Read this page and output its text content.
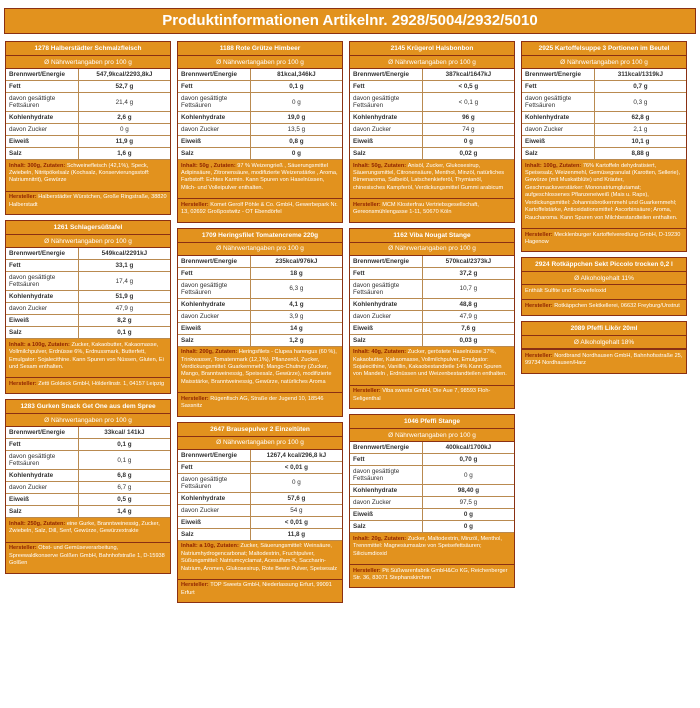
Produktinformationen Artikelnr. 2928/5004/2932/5010
1278 Halberstädter Schmalzfleisch
Ø Nährwertangaben pro 100 g
Brennwert/Energie	547,9kcal/2293,8kJ
Fett	52,7 g
davon gesättigte Fettsäuren	21,4 g
Kohlenhydrate	2,6 g
davon Zucker	0 g
Eiweiß	11,9 g
Salz	1,6 g
Inhalt: 300g, Zutaten: Schweinefleisch (42,1%), Speck, Zwiebeln, Nitritpökelsalz (Kochsalz, Konservierungsstoff: Natriumnitrit), Gewürze
Hersteller: Halberstädter Würstchen, Große Ringstraße, 38820 Halberstadt
1261 Schlagersüßtafel
Ø Nährwertangaben pro 100 g
Brennwert/Energie	549kcal/2291kJ
Fett	33,1 g
davon gesättigte Fettsäuren	17,4 g
Kohlenhydrate	51,9 g
davon Zucker	47,9 g
Eiweiß	8,2 g
Salz	0,1 g
Inhalt: a 100g, Zutaten: Zucker, Kakaobutter, Kakaomasse, Vollmilchpulver, Erdnüsse 6%, Erdnussmark, Butterfett, Emulgator: Sojalecithine. Kann Spuren von Nüssen, Gluten, Ei und Sesam enthalten.
Hersteller: Zetti Goldeck GmbH, Hölderlinstr. 1, 04157 Leipzig
1283 Gurken Snack Get One aus dem Spree
Ø Nährwertangaben pro 100 g
Brennwert/Energie	33kcal/ 141kJ
Fett	0,1 g
davon gesättigte Fettsäuren	0,1 g
Kohlenhydrate	6,8 g
davon Zucker	6,7 g
Eiweiß	0,5 g
Salz	1,4 g
Inhalt: 250g, Zutaten: eine Gurke, Branntweinessig, Zucker, Zwiebeln, Salz, Dill, Senf, Gewürze, Gewürzextrakte
Hersteller: Obst- und Gemüseverarbeitung, Spreewaldkonserve Golßen GmbH, Bahnhofstraße 1, D-15938 Golßen
1188 Rote Grütze Himbeer
Ø Nährwertangaben pro 100 g
Brennwert/Energie	81kcal,346kJ
Fett	0,1 g
davon gesättigte Fettsäuren	0 g
Kohlenhydrate	19,0 g
davon Zucker	13,5 g
Eiweiß	0,8 g
Salz	0 g
Inhalt: 50g , Zutaten: 97 % Weizengrieß , Säuerungsmittel Adipinsäure, Zitronensäure, modifizierte Weizenstärke , Aroma, Farbstoff: Echtes Karmin. Kann Spuren von Haselnüssen, Milch- und Volleipulver enthalten.
Hersteller: Komet Gerolf Pöhle & Co. GmbH, Gewerbepark Nr. 13, 02692 Großpostwitz - OT Ebendörfel
1709 Heringsfilet Tomatencreme 220g
Ø Nährwertangaben pro 100 g
Brennwert/Energie	235kcal/976kJ
Fett	18 g
davon gesättigte Fettsäuren	6,3 g
Kohlenhydrate	4,1 g
davon Zucker	3,9 g
Eiweiß	14 g
Salz	1,2 g
Inhalt: 200g, Zutaten: Heringsfilets - Clupea harengus (60 %), Trinkwasser, Tomatenmark (12,1%), Pflanzenöl, Zucker, Verdickungsmittel: Guarkernmehl; Mango-Chutney (Zucker, Mango, Branntweinessig, Speisesalz, Gewürze), modifizierte Maisstärke, Branntweinessig, Gewürze, natürliches Aroma
Hersteller: Rügenfisch AG, Straße der Jugend 10, 18546 Sassnitz
2647 Brausepulver 2 Einzeltüten
Ø Nährwertangaben pro 100 g
Brennwert/Energie	1267,4 kcal/296,8 kJ
Fett	< 0,01 g
davon gesättigte Fettsäuren	0 g
Kohlenhydrate	57,6 g
davon Zucker	54 g
Eiweiß	< 0,01 g
Salz	11,8 g
Inhalt: a 10g, Zutaten: Zucker, Säuerungsmittel: Weinsäure, Natriumhydrogencarbonat; Maltodextrin, Fruchtpulver, Süßungsmittel: Natriumcyclamat, Acesulfam-K, Saccharin-Natrium, Aromen, Glukosesirup, Rote Beete Pulver, Speisesalz
Hersteller: TOP Sweets GmbH, Niederlassung Erfurt, 99091 Erfurt
2145 Krügerol Halsbonbon
Ø Nährwertangaben pro 100 g
Brennwert/Energie	387kcal/1647kJ
Fett	< 0,5 g
davon gesättigte Fettsäuren	< 0,1 g
Kohlenhydrate	96 g
davon Zucker	74 g
Eiweiß	0 g
Salz	0,02 g
Inhalt: 50g, Zutaten: Anisöl, Zucker, Glukosesirup, Säuerungsmittel, Citronensäure, Menthol, Minzöl, natürliches Birnenaroma, Salbeiöl, Latschenkieferöl, Thymianöl, chinesisches Kampferöl, Verdickungsmittel Gummi arabicum
Hersteller: MCM Klosterfrau Vertriebsgesellschaft, Gereonsmühlengasse 1-11, 50670 Köln
1162 Viba Nougat Stange
Ø Nährwertangaben pro 100 g
Brennwert/Energie	570kcal/2373kJ
Fett	37,2 g
davon gesättigte Fettsäuren	10,7 g
Kohlenhydrate	48,8 g
davon Zucker	47,9 g
Eiweiß	7,6 g
Salz	0,03 g
Inhalt: 40g, Zutaten: Zucker, geröstete Haselnüsse 37%, Kakaobutter, Kakaomasse, Vollmilchpulver, Emulgator: Sojalecithine, Vanillin, Kakaobestandteile 14% Kann Spuren von Mandeln , Erdnüssen und Weizenbestandteilen enthalten.
Hersteller: Viba sweets GmbH, Die Aue 7, 98593 Floh-Seligenthal
1046 Pfeffi Stange
Ø Nährwertangaben pro 100 g
Brennwert/Energie	400kcal/1700kJ
Fett	0,70 g
davon gesättigte Fettsäuren	0 g
Kohlenhydrate	98,40 g
davon Zucker	97,5 g
Eiweiß	0 g
Salz	0 g
Inhalt: 20g, Zutaten: Zucker, Maltodextrin, Minzöl, Menthol, Trennmittel: Magnesiumsalze von Speisefettsäuren; Siliciumdioxid
Hersteller: Pit Süßwarenfabrik GmbH&Co KG, Reichenberger Str. 36, 83071 Stephanskirchen
2925 Kartoffelsuppe 3 Portionen im Beutel
Ø Nährwertangaben pro 100 g
Brennwert/Energie	311kcal/1319kJ
Fett	0,7 g
davon gesättigte Fettsäuren	0,3 g
Kohlenhydrate	62,8 g
davon Zucker	2,1 g
Eiweiß	10,1 g
Salz	8,88 g
Inhalt: 100g, Zutaten: 76% Kartoffeln dehydratisiert, Speisesalz, Weizenmehl, Gemüsegranulat (Karotten, Sellerie), Gewürze (mit Muskatblüte) und Kräuter, Geschmacksverstärker: Mononatriumglutamat; aufgeschlossenes Pflanzeneiweiß (Mais u. Raps), Verdickungsmittel: Johannisbrotkernmehl und Guarkernmehl; Kartoffelstärke, Antioxidationsmittel: Ascorbinsäure; Aroma, Raucharoma. Kann Spuren von Milchbestandteilen enthalten.
Hersteller: Mecklenburger Kartoffelveredlung GmbH, D-19230 Hagenow
2924 Rotkäppchen Sekt Piccolo trocken 0,2 l
Ø Alkoholgehalt 11%
Enthält Sulfite und Schwefeloxid
Hersteller: Rotkäppchen Sektkellerei, 06632 Freyburg/Unstrut
2089 Pfeffi Likör 20ml
Ø Alkoholgehalt 18%
Hersteller: Nordbrand Nordhausen GmbH, Bahnhofsstraße 25, 99734 Nordhausen/Harz
